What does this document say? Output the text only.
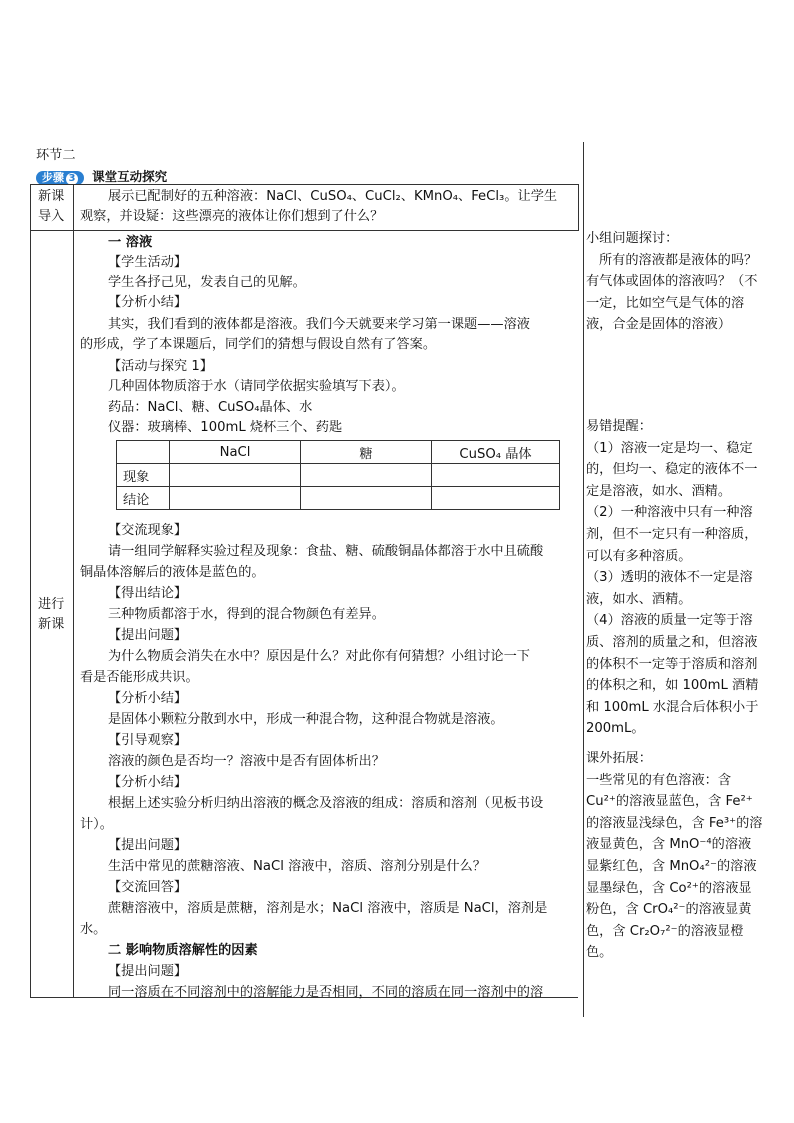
环节二
步骤 3 课堂互动探究
新课
导入
展示已配制好的五种溶液：NaCl、CuSO₄、CuCl₂、KMnO₄、FeCl₃。让学生
观察，并设疑：这些漂亮的液体让你们想到了什么？
进行
新课
一 溶液
【学生活动】
学生各抒己见，发表自己的见解。
【分析小结】
其实，我们看到的液体都是溶液。我们今天就要来学习第一课题——溶液
的形成，学了本课题后，同学们的猜想与假设自然有了答案。
【活动与探究 1】
几种固体物质溶于水（请同学依据实验填写下表）。
药品：NaCl、糖、CuSO₄晶体、水
仪器：玻璃棒、100mL 烧杯三个、药匙
	NaCl	糖	CuSO₄ 晶体
现象			
结论			
【交流现象】
请一组同学解释实验过程及现象：食盐、糖、硫酸铜晶体都溶于水中且硫酸
铜晶体溶解后的液体是蓝色的。
【得出结论】
三种物质都溶于水，得到的混合物颜色有差异。
【提出问题】
为什么物质会消失在水中？原因是什么？对此你有何猜想？小组讨论一下
看是否能形成共识。
【分析小结】
是固体小颗粒分散到水中，形成一种混合物，这种混合物就是溶液。
【引导观察】
溶液的颜色是否均一？溶液中是否有固体析出？
【分析小结】
根据上述实验分析归纳出溶液的概念及溶液的组成：溶质和溶剂（见板书设
计）。
【提出问题】
生活中常见的蔗糖溶液、NaCl 溶液中，溶质、溶剂分别是什么？
【交流回答】
蔗糖溶液中，溶质是蔗糖，溶剂是水；NaCl 溶液中，溶质是 NaCl，溶剂是
水。
二 影响物质溶解性的因素
【提出问题】
同一溶质在不同溶剂中的溶解能力是否相同，不同的溶质在同一溶剂中的溶

小组问题探讨：

所有的溶液都是液体的吗？有气体或固体的溶液吗？（不一定，比如空气是气体的溶液，合金是固体的溶液）

易错提醒：

（1）溶液一定是均一、稳定的，但均一、稳定的液体不一定是溶液，如水、酒精。

（2）一种溶液中只有一种溶剂，但不一定只有一种溶质，可以有多种溶质。

（3）透明的液体不一定是溶液，如水、酒精。

（4）溶液的质量一定等于溶质、溶剂的质量之和，但溶液的体积不一定等于溶质和溶剂的体积之和，如 100mL 酒精和 100mL 水混合后体积小于 200mL。

课外拓展：

一些常见的有色溶液：含 Cu²⁺的溶液显蓝色，含 Fe²⁺的溶液显浅绿色，含 Fe³⁺的溶液显黄色，含 MnO⁻⁴的溶液显紫红色，含 MnO₄²⁻的溶液显墨绿色，含 Co²⁺的溶液显粉色，含 CrO₄²⁻的溶液显黄色，含 Cr₂O₇²⁻的溶液显橙色。
